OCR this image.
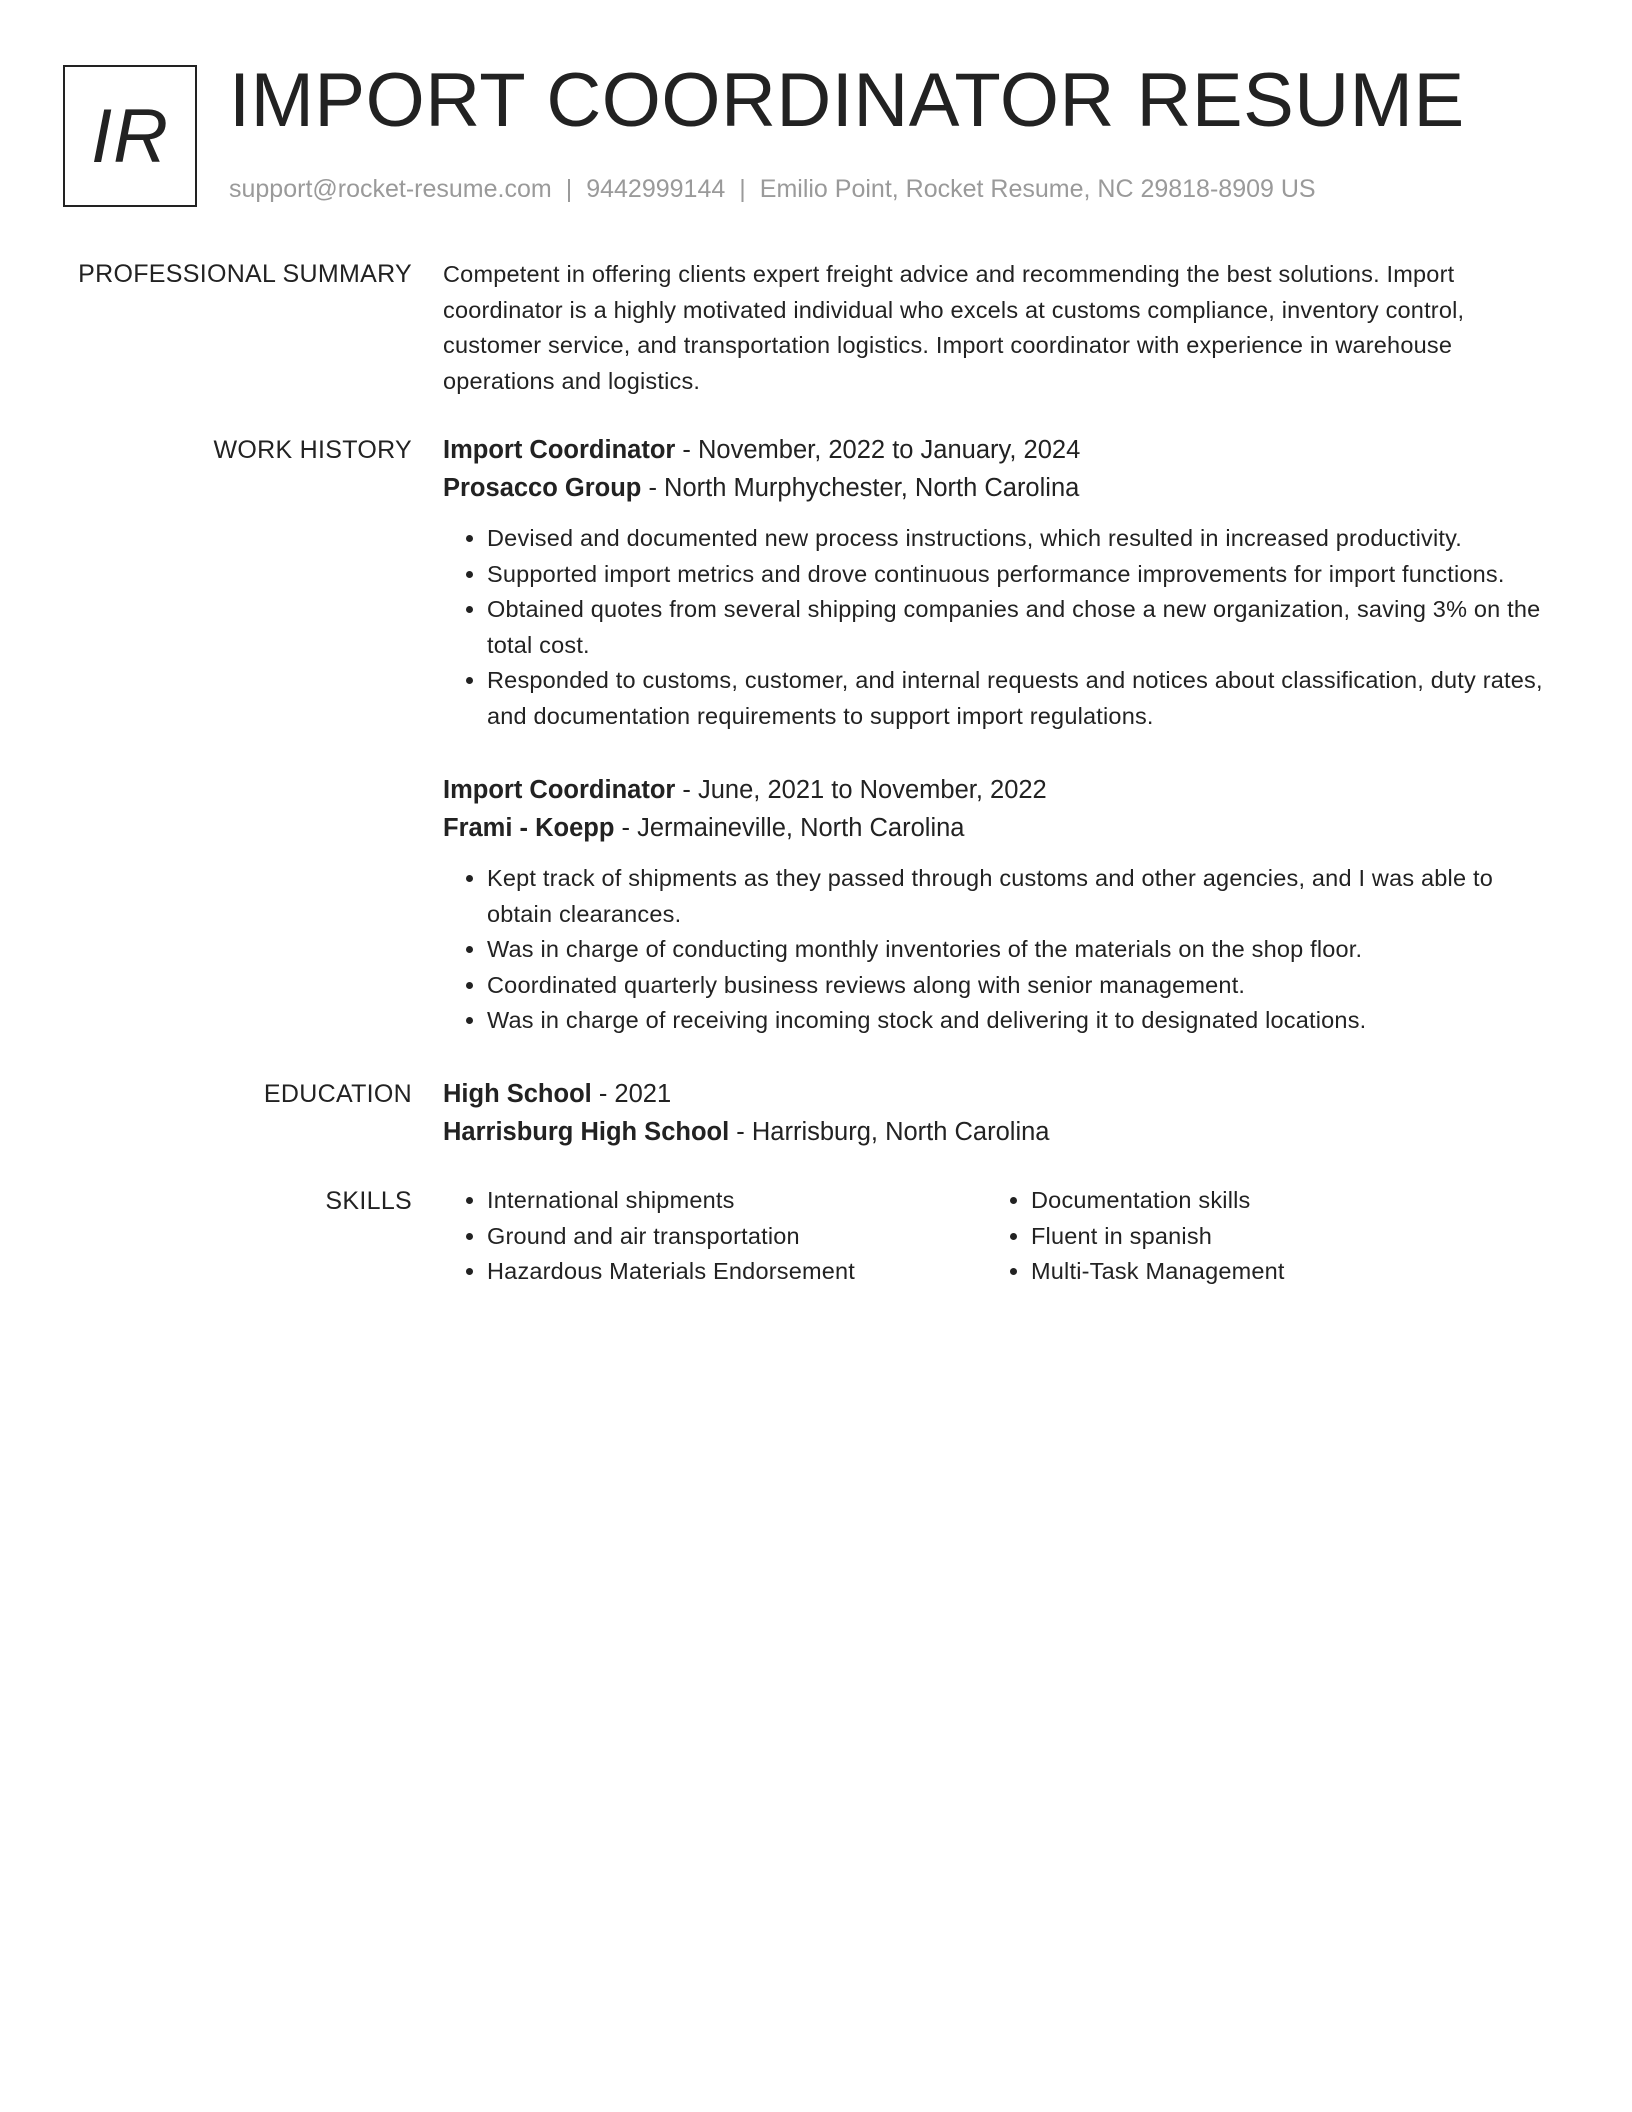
IR IMPORT COORDINATOR RESUME
support@rocket-resume.com | 9442999144 | Emilio Point, Rocket Resume, NC 29818-8909 US
PROFESSIONAL SUMMARY Competent in offering clients expert freight advice and recommending the best solutions. Import coordinator is a highly motivated individual who excels at customs compliance, inventory control, customer service, and transportation logistics. Import coordinator with experience in warehouse operations and logistics.

WORK HISTORY Import Coordinator - November, 2022 to January, 2024
Prosacco Group - North Murphychester, North Carolina
• Devised and documented new process instructions, which resulted in increased productivity.
• Supported import metrics and drove continuous performance improvements for import functions.
• Obtained quotes from several shipping companies and chose a new organization, saving 3% on the total cost.
• Responded to customs, customer, and internal requests and notices about classification, duty rates, and documentation requirements to support import regulations.
Import Coordinator - June, 2021 to November, 2022
Frami - Koepp - Jermaineville, North Carolina
• Kept track of shipments as they passed through customs and other agencies, and I was able to obtain clearances.
• Was in charge of conducting monthly inventories of the materials on the shop floor.
• Coordinated quarterly business reviews along with senior management.
• Was in charge of receiving incoming stock and delivering it to designated locations.
EDUCATION High School - 2021
Harrisburg High School - Harrisburg, North Carolina
SKILLS
•	International shipments
• Ground and air transportation
• Hazardous Materials Endorsement
• Documentation skills
• Fluent in spanish
• Multi-Task Management
